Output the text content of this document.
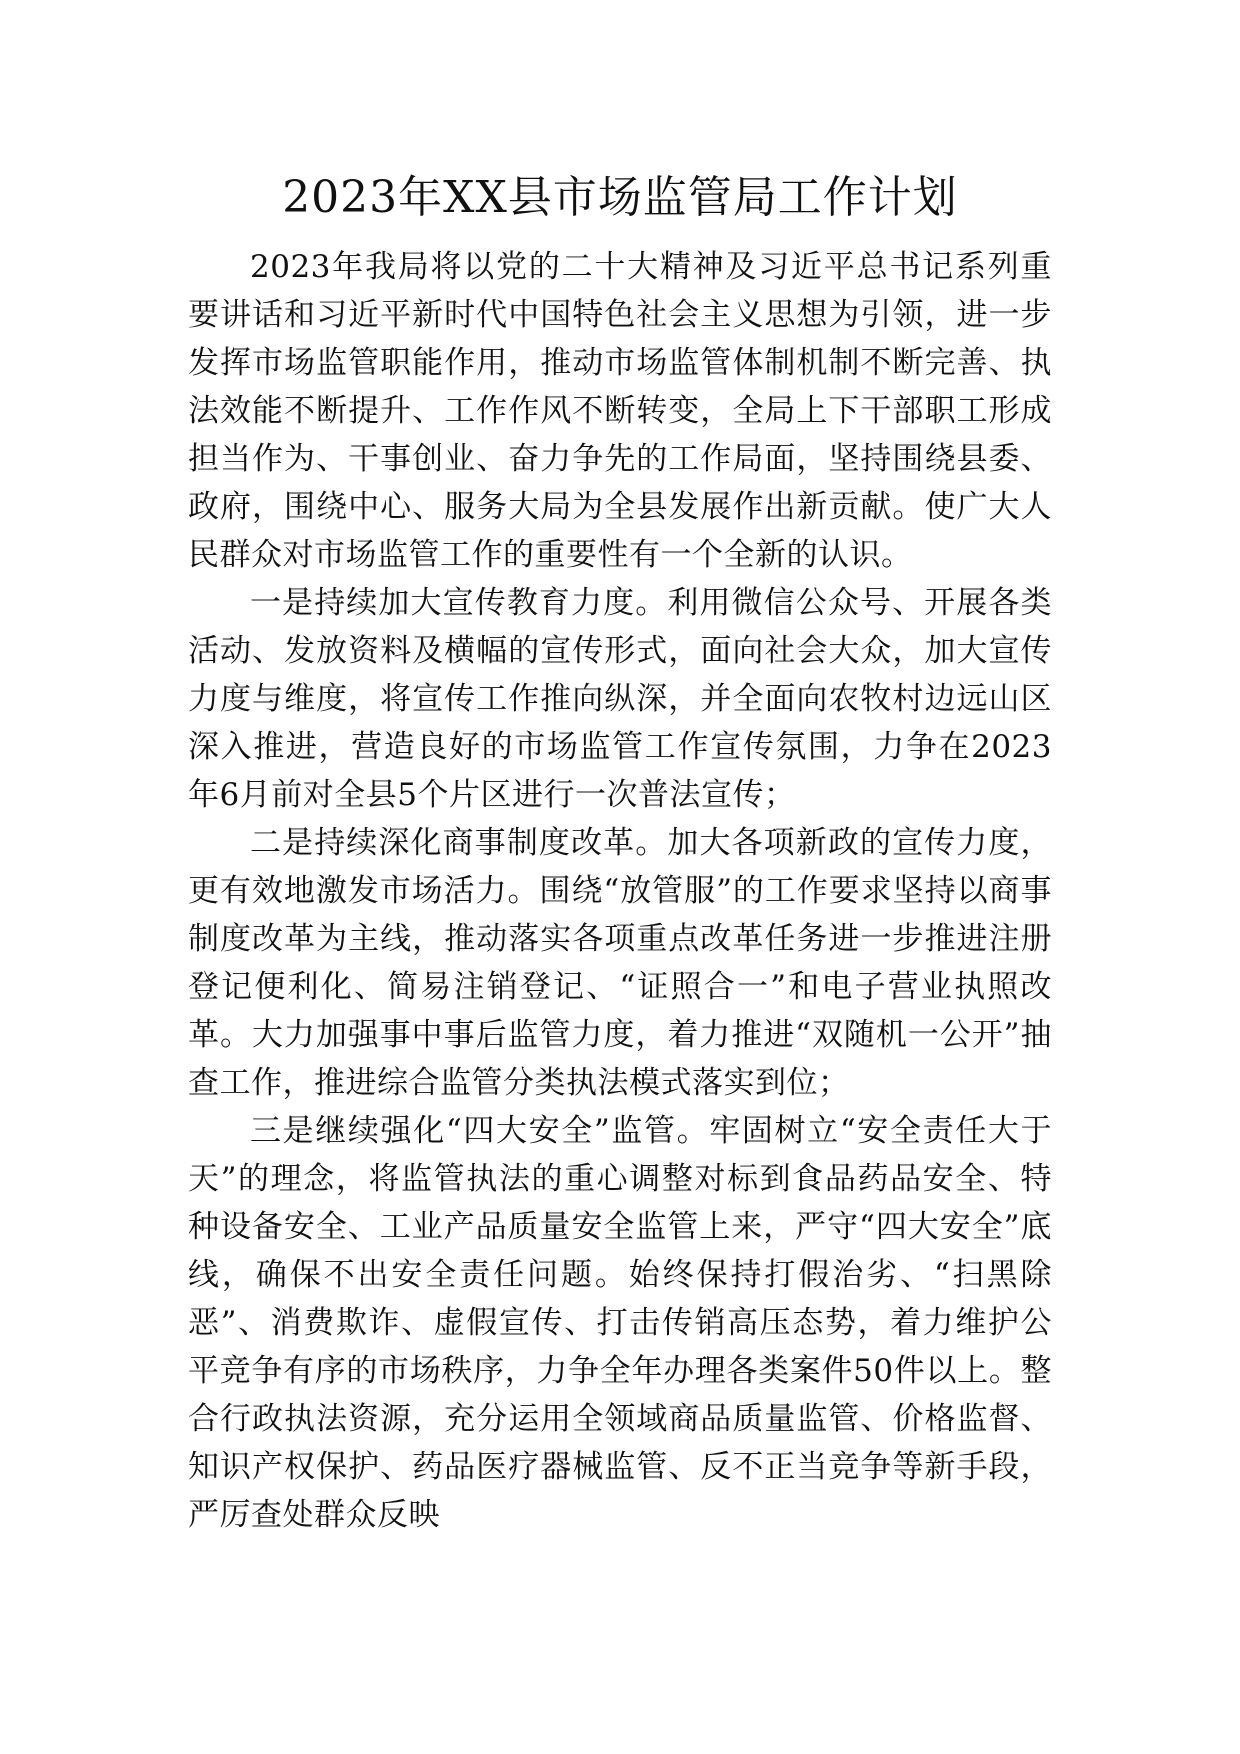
2023年XX县市场监管局工作计划

2023年我局将以党的二十大精神及习近平总书记系列重要讲话和习近平新时代中国特色社会主义思想为引领，进一步发挥市场监管职能作用，推动市场监管体制机制不断完善、执法效能不断提升、工作作风不断转变，全局上下干部职工形成担当作为、干事创业、奋力争先的工作局面，坚持围绕县委、政府，围绕中心、服务大局为全县发展作出新贡献。使广大人民群众对市场监管工作的重要性有一个全新的认识。

一是持续加大宣传教育力度。利用微信公众号、开展各类活动、发放资料及横幅的宣传形式，面向社会大众，加大宣传力度与维度，将宣传工作推向纵深，并全面向农牧村边远山区深入推进，营造良好的市场监管工作宣传氛围，力争在2023年6月前对全县5个片区进行一次普法宣传；

二是持续深化商事制度改革。加大各项新政的宣传力度，更有效地激发市场活力。围绕“放管服”的工作要求坚持以商事制度改革为主线，推动落实各项重点改革任务进一步推进注册登记便利化、简易注销登记、“证照合一”和电子营业执照改革。大力加强事中事后监管力度，着力推进“双随机一公开”抽查工作，推进综合监管分类执法模式落实到位；

三是继续强化“四大安全”监管。牢固树立“安全责任大于天”的理念，将监管执法的重心调整对标到食品药品安全、特种设备安全、工业产品质量安全监管上来，严守“四大安全”底线，确保不出安全责任问题。始终保持打假治劣、“扫黑除恶”、消费欺诈、虚假宣传、打击传销高压态势，着力维护公平竞争有序的市场秩序，力争全年办理各类案件50件以上。整合行政执法资源，充分运用全领域商品质量监管、价格监督、知识产权保护、药品医疗器械监管、反不正当竞争等新手段，严厉查处群众反映
